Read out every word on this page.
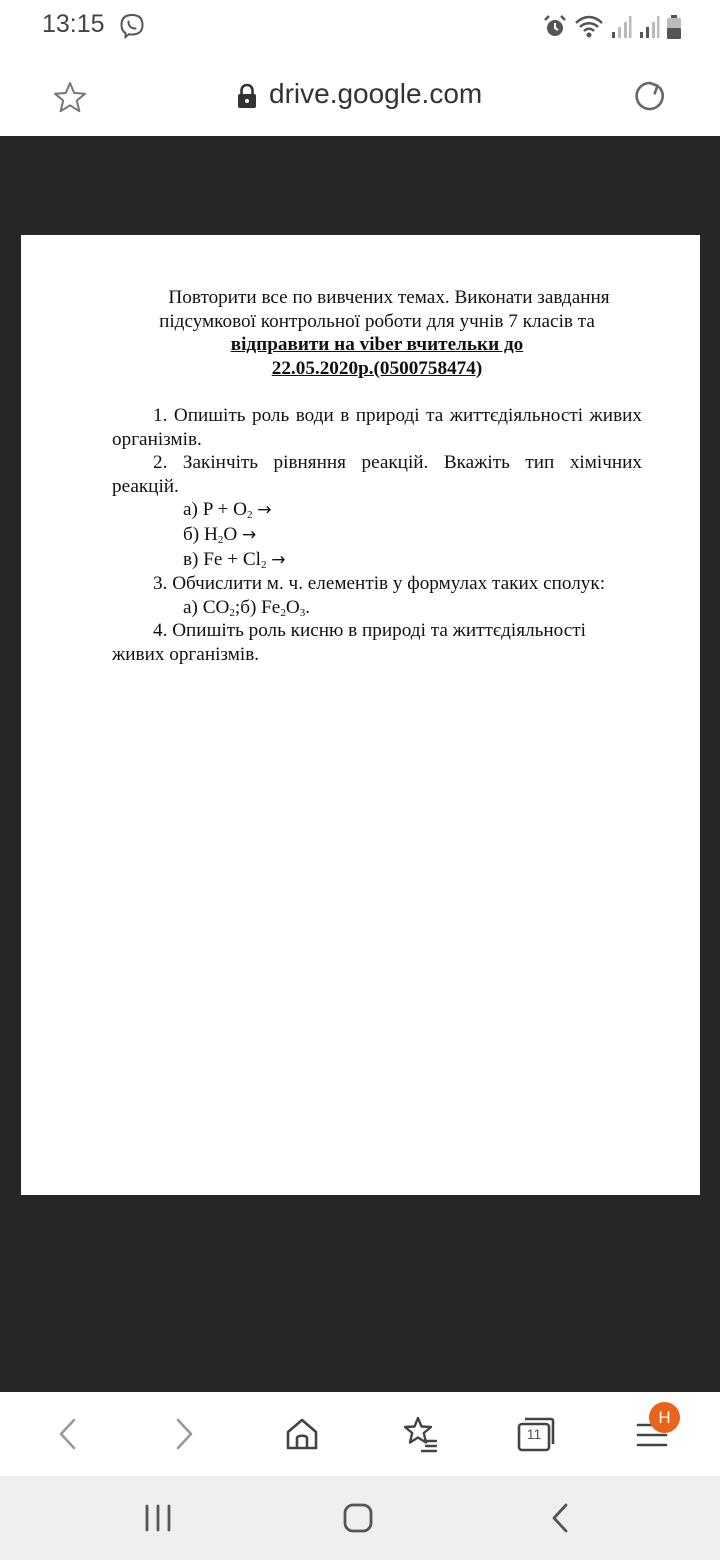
13:15
drive.google.com
Повторити все по вивчених темах. Виконати завдання
підсумкової контрольної роботи для учнів 7 класів та
відправити на viber вчительки до
22.05.2020р.(0500758474)
1. Опишіть роль води в природі та життєдіяльності живих організмів.
2. Закінчіть рівняння реакцій. Вкажіть тип хімічних реакцій.
а) $P + O_2$ →
б) $H_2O$ →
в) $Fe + Cl_2$ →
3. Обчислити м. ч. елементів у формулах таких сполук:
а) $CO_2;б$) $Fe_2O_3$.
4. Опишіть роль кисню в природі та життєдіяльності живих організмів.
11
H
